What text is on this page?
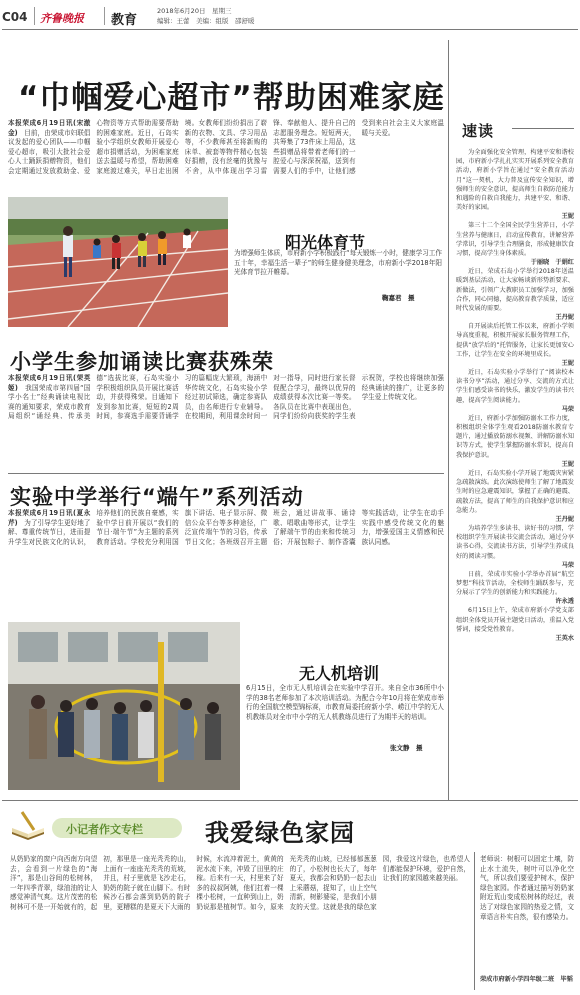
C04 齐鲁晚报 教育
2018年6月20日　星期三
编辑：王蕾　美编：组版　邵舒暖
“巾帼爱心超市”帮助困难家庭
本报荣成6月19日讯(宋澈金)　 目前，由荣成市妇联倡议发起的爱心团队——巾帼爱心超市，吸引大批社会爱心人士踊跃捐赠物资，他们会定期通过发放救助金、爱心物资等方式帮助需要帮助的困难家庭。近日，石岛实验小学组织女教师开展爱心超市捐赠活动，为困难家庭送去温暖与希望，帮助困难家庭渡过难关，早日走出困境。女教师们纷纷捐出了崭新的衣物、文具、学习用品等，不少教师甚至将新购的床单、被套等物件精心包装好捐赠，没有丝毫的犹豫与不舍，从中体现出学习雷锋、奉献他人、提升自己的志愿服务理念。短短两天，共筹集了73件床上用品，这些捐赠品将带着老师们的一腔爱心与深深祝福，送到有需要人们的手中，让他们感受到来自社会主义大家庭温暖与关爱。
阳光体育节
为增强师生体质，市府新小学积极践行“每天锻炼一小时，健康学习工作五十年，幸福生活一辈子”的师生健身健美理念，市府新小学2018年阳光体育节拉开帷幕。
鞠嘉君　摄
小学生参加诵读比赛获殊荣
本报荣成6月19日讯(荣英姬)　 我国荣成市第四届“国学小名士”经典诵读电视比赛的通知要求，荣成市教育局组织“诵经典、传承美德”选拔比赛，石岛实验小学积极组织队员开展比赛活动，并获得殊荣。目通知下发到参加比赛，短短的2周时间，参赛选手需要背诵学习的篇幅庞大繁琐，海涵中华传统文化，石岛实验小学经过初试筛选，确定参赛队员，由名师进行专业辅导。在校期间，利用课余时间一对一指导，同时进行家长督促配合学习，最终以优异的成绩获得本次比赛一等奖。各队员在比赛中表现出色，同学们纷纷向获奖的学生表示祝贺，学校也将继续加强经典诵读的推广，让更多的学生爱上传统文化。
实验中学举行“端午”系列活动
本报荣成6月19日讯(夏永芹)　 为了引导学生更好地了解、尊重传统节日，进而提升学生对民族文化的认识，培养他们的民族自豪感，实验中学日前开展以“我们的节日·端午节”为主题的系列教育活动。学校充分利用国旗下讲话、电子显示屏、微信公众平台等多种途径，广泛宣传端午节的习俗，传承节日文化；各班级召开主题班会，通过讲故事、诵诗歌、唱歌曲等形式，让学生了解端午节的由来和传统习俗；开展包粽子、制作香囊等实践活动，让学生在动手实践中感受传统文化的魅力，增强爱国主义情感和民族认同感。
无人机培训
6月15日，全市无人机培训会在实验中学召开。来自全市36所中小学的38名老师参加了本次培训活动。为配合今年10月将在荣成市举行的全国航空模型锦标赛，市教育局委托府新小学、崂江中学的无人机教练员对全市中小学的无人机教练员进行了为期半天的培训。
张文静　摄
速读
为全面强化安全管理，构建平安和谐校园，市府新小学扎扎实实开展系列安全教育活动，府新小学旨在通过“安全教育活动月”这一契机，大力普及宣传安全知识，增强师生的安全意识，提高师生自救防范能力和遇险的自救自我能力，共建平安、和谐、美好的家园。
王妮
第三十二个全国全民学生营养日，小学生营养与健康日，启动宣传教育，讲解营养学常识，引导学生合理膳食，形成健康饮食习惯，提高学生身体素质。
于丽晓　于娟红
近日，荣成石岛小学举行2018年送温暖到基层活动，让大家畅谈新形势新要求、新做法，引领广大教职员工加强学习，加强合作，同心同德，提高教育教学质量，适应时代发展的需要。
王丹妮
自开展读后托管工作以来，府新小学领导高度重视，积极开展家长服务管理工作，提供“放学后的”托管服务，让家长更加安心工作，让学生在安全的环境里成长。
王妮
近日，石岛实验小学举行了“阅读校本读书分享”活动，通过分享、交流的方式让学生们感受读书的快乐，激发学生的读书兴趣，提高学生阅读能力。
马荣
近日，府新小学加强防溺水工作力度，积极组织全体学生观看2018防溺水教育专题片，通过播放防溺水视频、讲解防溺水知识等方式，使学生掌握防溺水常识，提高自我保护意识。
王妮
近日，石岛实验小学开展了地震灾害紧急疏散演练。此次演练使师生了解了地震发生时的应急避震知识，掌握了正确的避震、疏散方法，提高了师生的自我保护意识和应急能力。
王丹妮
为培养学生多读书、读好书的习惯，学校组织学生开展读书交流会活动，通过分享读书心得，交流读书方法，引导学生养成良好的阅读习惯。
马荣
日前，荣成市实验小学举办首届“航空梦想”科技节活动，全校师生踊跃参与，充分展示了学生的创新能力和实践能力。
许永透
6月15日上午，荣成市府新小学党支部组织全体党员开展主题党日活动，重温入党誓词，接受党性教育。
王英水
小记者作文专栏	我爱绿色家园
从奶奶家的窗户向西南方向望去，会看到一片绿色的“海洋”，那是山谷间的松树林，一年四季青翠，绿油油的让人感觉神清气爽。这片茂密的松树林可不是一开始就有的，起初，那里是一座光秃秃的山，上面有一座座光秃秃的荒坡，并且，村子里就是飞沙走石，奶奶的院子就在山脚下。有时候沙石都会落到奶奶的院子里，更糟糕的是夏天下大雨的时候，水流冲着泥土，黄黄的泥水流下来，冲毁了田里的庄稼。后来有一天，村里来了好多的叔叔阿姨，他们扛着一棵棵小松树，一直种到山上，奶奶说那是植树节。如今，原来光秃秃的山坡，已经郁郁葱葱的了，小松树也长大了，每年夏天，我都会和奶奶一起去山上采蘑菇，捉知了，山上空气清新，树影婆娑，是我们小朋友的天堂。这就是我的绿色家园，我爱这片绿色，也希望人们都能保护环境，爱护自然，让我们的家园越来越美丽。
老师说：树根可以固定土壤，防止水土流失，树叶可以净化空气，所以我们要爱护树木，保护绿色家园。作者通过描写奶奶家附近荒山变成松树林的经过，表达了对绿色家园的热爱之情，文章语言朴实自然，很有感染力。
荣成市府新小学四年级二班　毕韬
